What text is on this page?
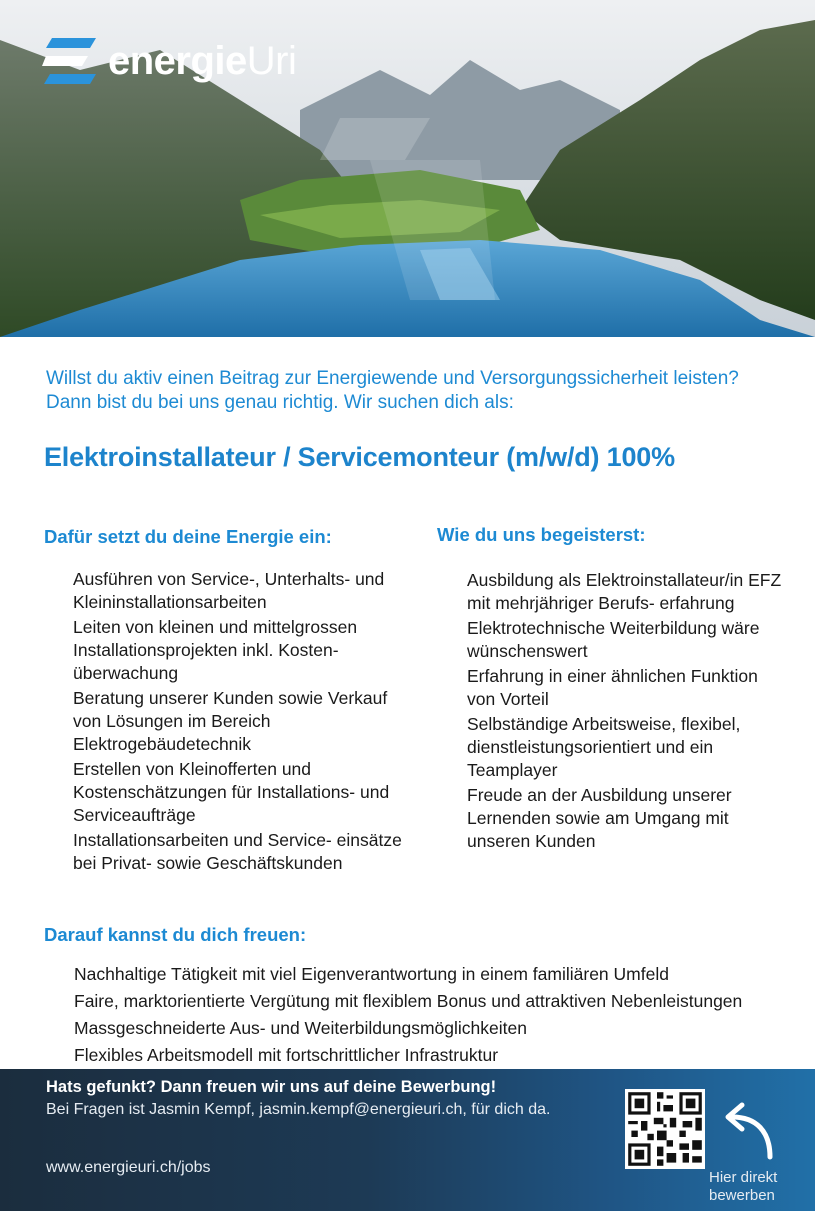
energieUri

Willst du aktiv einen Beitrag zur Energiewende und Versorgungssicherheit leisten? Dann bist du bei uns genau richtig. Wir suchen dich als:

Elektroinstallateur / Servicemonteur (m/w/d) 100%
Dafür setzt du deine Energie ein:
Ausführen von Service-, Unterhalts- und Kleininstallationsarbeiten
Leiten von kleinen und mittelgrossen Installationsprojekten inkl. Kosten- überwachung
Beratung unserer Kunden sowie Verkauf von Lösungen im Bereich Elektrogebäudetechnik
Erstellen von Kleinofferten und Kostenschätzungen für Installations- und Serviceaufträge
Installationsarbeiten und Service- einsätze bei Privat- sowie Geschäftskunden
Wie du uns begeisterst:
Ausbildung als Elektroinstallateur/in EFZ mit mehrjähriger Berufs- erfahrung
Elektrotechnische Weiterbildung wäre wünschenswert
Erfahrung in einer ähnlichen Funktion von Vorteil
Selbständige Arbeitsweise, flexibel, dienstleistungsorientiert und ein Teamplayer
Freude an der Ausbildung unserer Lernenden sowie am Umgang mit unseren Kunden
Darauf kannst du dich freuen:
Nachhaltige Tätigkeit mit viel Eigenverantwortung in einem familiären Umfeld
Faire, marktorientierte Vergütung mit flexiblem Bonus und attraktiven Nebenleistungen
Massgeschneiderte Aus- und Weiterbildungsmöglichkeiten
Flexibles Arbeitsmodell mit fortschrittlicher Infrastruktur
Hats gefunkt? Dann freuen wir uns auf deine Bewerbung!
Bei Fragen ist Jasmin Kempf, jasmin.kempf@energieuri.ch, für dich da.
www.energieuri.ch/jobs
Hier direkt
bewerben
